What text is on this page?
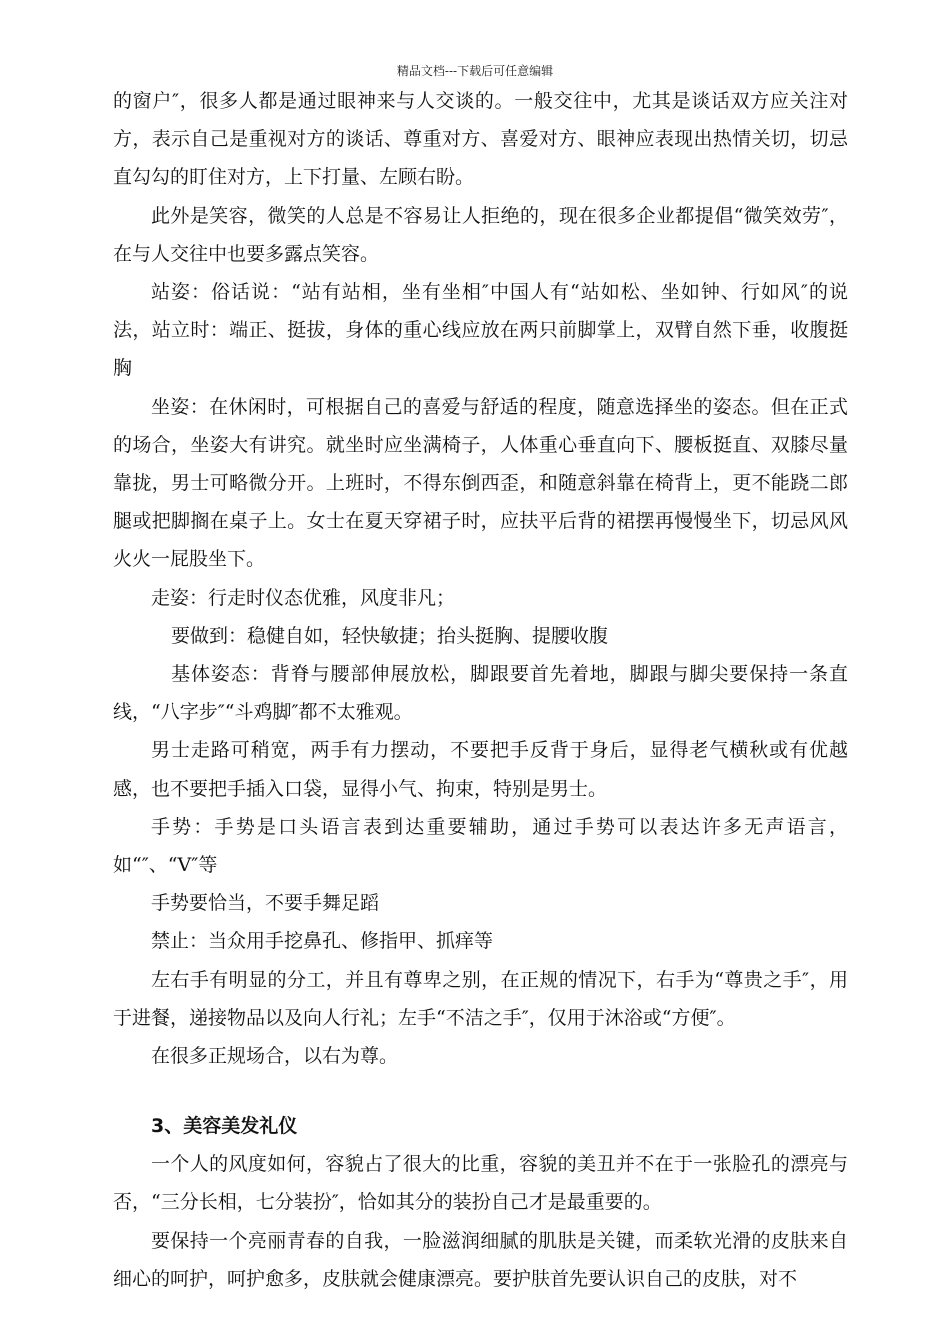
精品文档---下载后可任意编辑

的窗户″，很多人都是通过眼神来与人交谈的。一般交往中，尤其是谈话双方应关注对方，表示自己是重视对方的谈话、尊重对方、喜爱对方、眼神应表现出热情关切，切忌直勾勾的盯住对方，上下打量、左顾右盼。

此外是笑容，微笑的人总是不容易让人拒绝的，现在很多企业都提倡“微笑效劳″，在与人交往中也要多露点笑容。

站姿：俗话说：“站有站相，坐有坐相″中国人有“站如松、坐如钟、行如风″的说法，站立时：端正、挺拔，身体的重心线应放在两只前脚掌上，双臂自然下垂，收腹挺胸

坐姿：在休闲时，可根据自己的喜爱与舒适的程度，随意选择坐的姿态。但在正式的场合，坐姿大有讲究。就坐时应坐满椅子，人体重心垂直向下、腰板挺直、双膝尽量靠拢，男士可略微分开。上班时，不得东倒西歪，和随意斜靠在椅背上，更不能跷二郎腿或把脚搁在桌子上。女士在夏天穿裙子时，应扶平后背的裙摆再慢慢坐下，切忌风风火火一屁股坐下。

走姿：行走时仪态优雅，风度非凡；

要做到：稳健自如，轻快敏捷；抬头挺胸、提腰收腹

基体姿态：背脊与腰部伸展放松，脚跟要首先着地，脚跟与脚尖要保持一条直线，“八字步″“斗鸡脚″都不太雅观。

男士走路可稍宽，两手有力摆动，不要把手反背于身后，显得老气横秋或有优越感，也不要把手插入口袋，显得小气、拘束，特别是男士。

手势：手势是口头语言表到达重要辅助，通过手势可以表达许多无声语言，如“″、“V″等

手势要恰当，不要手舞足蹈

禁止：当众用手挖鼻孔、修指甲、抓痒等

左右手有明显的分工，并且有尊卑之别，在正规的情况下，右手为“尊贵之手″，用于进餐，递接物品以及向人行礼；左手“不洁之手″，仅用于沐浴或“方便″。

在很多正规场合，以右为尊。

3、美容美发礼仪

一个人的风度如何，容貌占了很大的比重，容貌的美丑并不在于一张脸孔的漂亮与否，“三分长相，七分装扮″，恰如其分的装扮自己才是最重要的。

要保持一个亮丽青春的自我，一脸滋润细腻的肌肤是关键，而柔软光滑的皮肤来自细心的呵护，呵护愈多，皮肤就会健康漂亮。要护肤首先要认识自己的皮肤，对不
